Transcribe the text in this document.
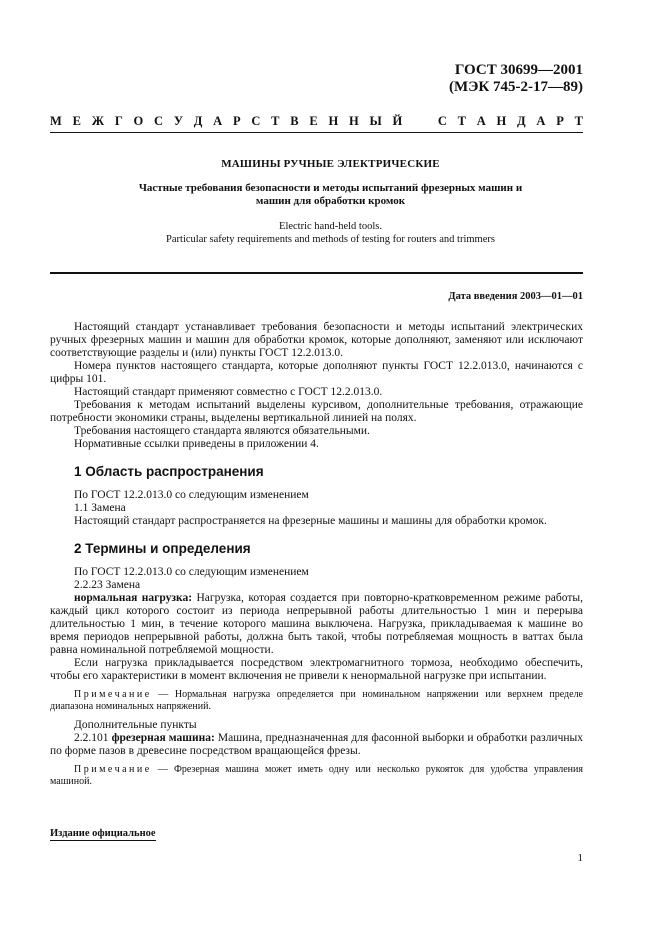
ГОСТ 30699—2001
(МЭК 745-2-17—89)
М Е Ж Г О С У Д А Р С Т В Е Н Н Ы Й	С Т А Н Д А Р Т
МАШИНЫ РУЧНЫЕ ЭЛЕКТРИЧЕСКИЕ
Частные требования безопасности и методы испытаний фрезерных машин и
машин для обработки кромок
Electric hand-held tools.
Particular safety requirements and methods of testing for routers and trimmers
Дата введения 2003—01—01

Настоящий стандарт устанавливает требования безопасности и методы испытаний электрических ручных фрезерных машин и машин для обработки кромок, которые дополняют, заменяют или исключают соответствующие разделы и (или) пункты ГОСТ 12.2.013.0.

Номера пунктов настоящего стандарта, которые дополняют пункты ГОСТ 12.2.013.0, начинаются с цифры 101.

Настоящий стандарт применяют совместно с ГОСТ 12.2.013.0.

Требования к методам испытаний выделены курсивом, дополнительные требования, отражающие потребности экономики страны, выделены вертикальной линией на полях.

Требования настоящего стандарта являются обязательными.

Нормативные ссылки приведены в приложении 4.

1 Область распространения

По ГОСТ 12.2.013.0 со следующим изменением

1.1 Замена

Настоящий стандарт распространяется на фрезерные машины и машины для обработки кромок.

2 Термины и определения

По ГОСТ 12.2.013.0 со следующим изменением

2.2.23 Замена

нормальная нагрузка: Нагрузка, которая создается при повторно-кратковременном режиме работы, каждый цикл которого состоит из периода непрерывной работы длительностью 1 мин и перерыва длительностью 1 мин, в течение которого машина выключена. Нагрузка, прикладываемая к машине во время периодов непрерывной работы, должна быть такой, чтобы потребляемая мощность в ваттах была равна номинальной потребляемой мощности.

Если нагрузка прикладывается посредством электромагнитного тормоза, необходимо обеспечить, чтобы его характеристики в момент включения не привели к ненормальной нагрузке при испытании.

Примечание — Нормальная нагрузка определяется при номинальном напряжении или верхнем пределе диапазона номинальных напряжений.

Дополнительные пункты

2.2.101 фрезерная машина: Машина, предназначенная для фасонной выборки и обработки различных по форме пазов в древесине посредством вращающейся фрезы.

Примечание — Фрезерная машина может иметь одну или несколько рукояток для удобства управления машиной.

Издание официальное
1
